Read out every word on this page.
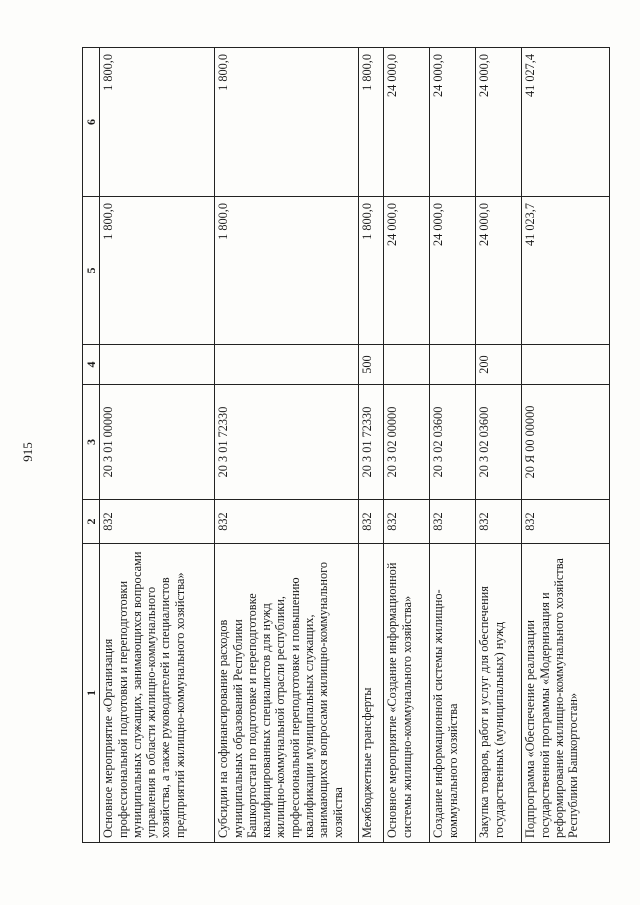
915
1	2	3	4	5	6
Основное мероприятие «Организация профессиональной подготовки и переподготовки муниципальных служащих, занимающихся вопросами управления в области жилищно-коммунального хозяйства, а также руководителей и специалистов предприятий жилищно-коммунального хозяйства»	832	20 3 01 00000		1 800,0	1 800,0
Субсидии на софинансирование расходов муниципальных образований Республики Башкортостан по подготовке и переподготовке квалифицированных специалистов для нужд жилищно-коммунальной отрасли республики, профессиональной переподготовке и повышению квалификации муниципальных служащих, занимающихся вопросами жилищно-коммунального хозяйства	832	20 3 01 72330		1 800,0	1 800,0
Межбюджетные трансферты	832	20 3 01 72330	500	1 800,0	1 800,0
Основное мероприятие «Создание информационной системы жилищно-коммунального хозяйства»	832	20 3 02 00000		24 000,0	24 000,0
Создание информационной системы жилищно-коммунального хозяйства	832	20 3 02 03600		24 000,0	24 000,0
Закупка товаров, работ и услуг для обеспечения государственных (муниципальных) нужд	832	20 3 02 03600	200	24 000,0	24 000,0
Подпрограмма «Обеспечение реализации государственной программы «Модернизация и реформирование жилищно-коммунального хозяйства Республики Башкортостан»	832	20 Я 00 00000		41 023,7	41 027,4
